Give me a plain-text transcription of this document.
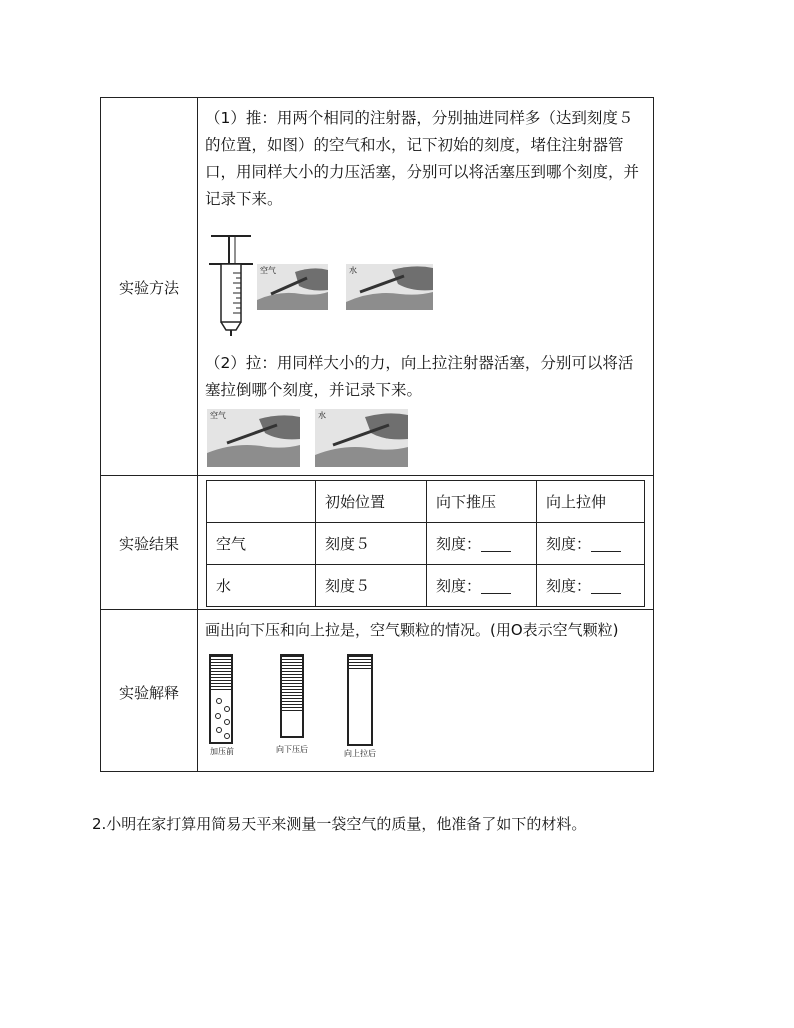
实验方法

（1）推：用两个相同的注射器，分别抽进同样多（达到刻度５的位置，如图）的空气和水，记下初始的刻度，堵住注射器管口，用同样大小的力压活塞，分别可以将活塞压到哪个刻度，并记录下来。

空气	水

（2）拉：用同样大小的力，向上拉注射器活塞，分别可以将活塞拉倒哪个刻度，并记录下来。

空气	水
实验结果
	初始位置	向下推压	向上拉伸
空气	刻度５	刻度：	刻度：
水	刻度５	刻度：	刻度：
实验解释

画出向下压和向上拉是，空气颗粒的情况。(用O表示空气颗粒)

加压前	向下压后	向上拉后

2.小明在家打算用简易天平来测量一袋空气的质量，他准备了如下的材料。
